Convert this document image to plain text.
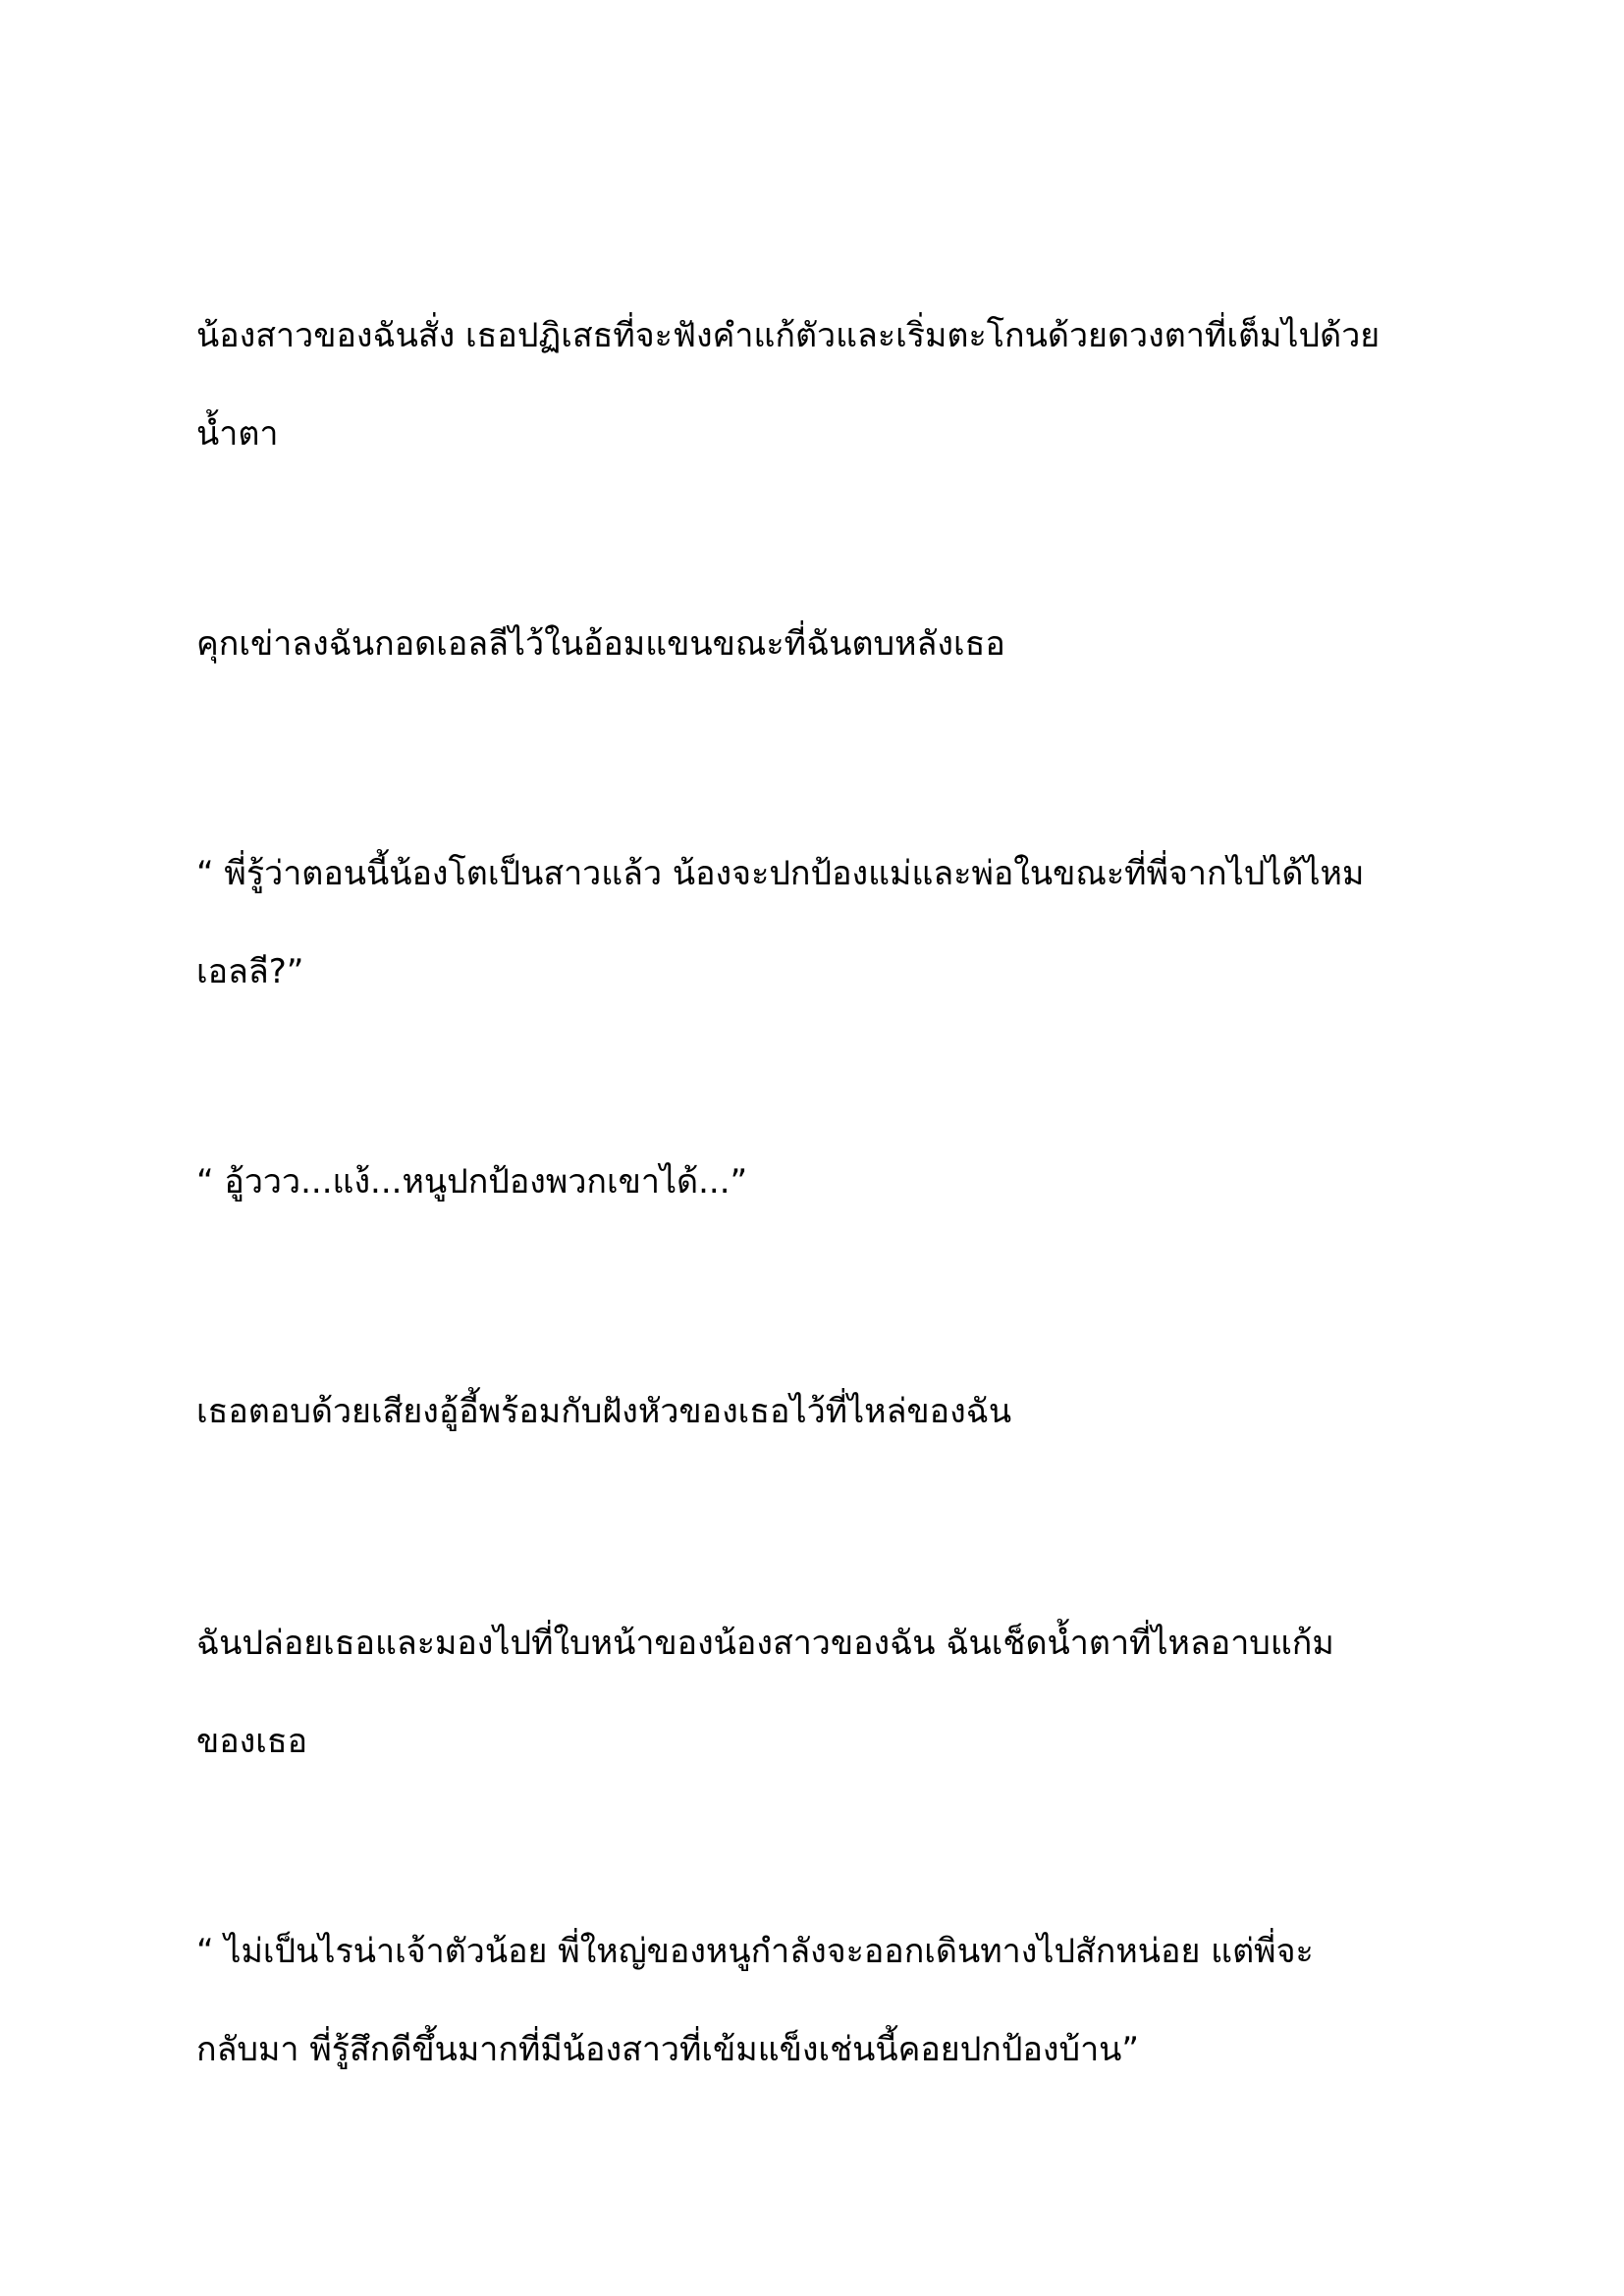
น้องสาวของฉันสั่ง เธอปฏิเสธที่จะฟังคำแก้ตัวและเริ่มตะโกนด้วยดวงตาที่เต็มไปด้วย
น้ำตา

คุกเข่าลงฉันกอดเอลลีไว้ในอ้อมแขนขณะที่ฉันตบหลังเธอ

“ พี่รู้ว่าตอนนี้น้องโตเป็นสาวแล้ว น้องจะปกป้องแม่และพ่อในขณะที่พี่จากไปได้ไหม
เอลลี?”

“ อู้ววว...แง้...หนูปกป้องพวกเขาได้...”

เธอตอบด้วยเสียงอู้อี้พร้อมกับฝังหัวของเธอไว้ที่ไหล่ของฉัน

ฉันปล่อยเธอและมองไปที่ใบหน้าของน้องสาวของฉัน ฉันเช็ดน้ำตาที่ไหลอาบแก้ม
ของเธอ

“ ไม่เป็นไรน่าเจ้าตัวน้อย พี่ใหญ่ของหนูกำลังจะออกเดินทางไปสักหน่อย แต่พี่จะ
กลับมา พี่รู้สึกดีขึ้นมากที่มีน้องสาวที่เข้มแข็งเช่นนี้คอยปกป้องบ้าน”
